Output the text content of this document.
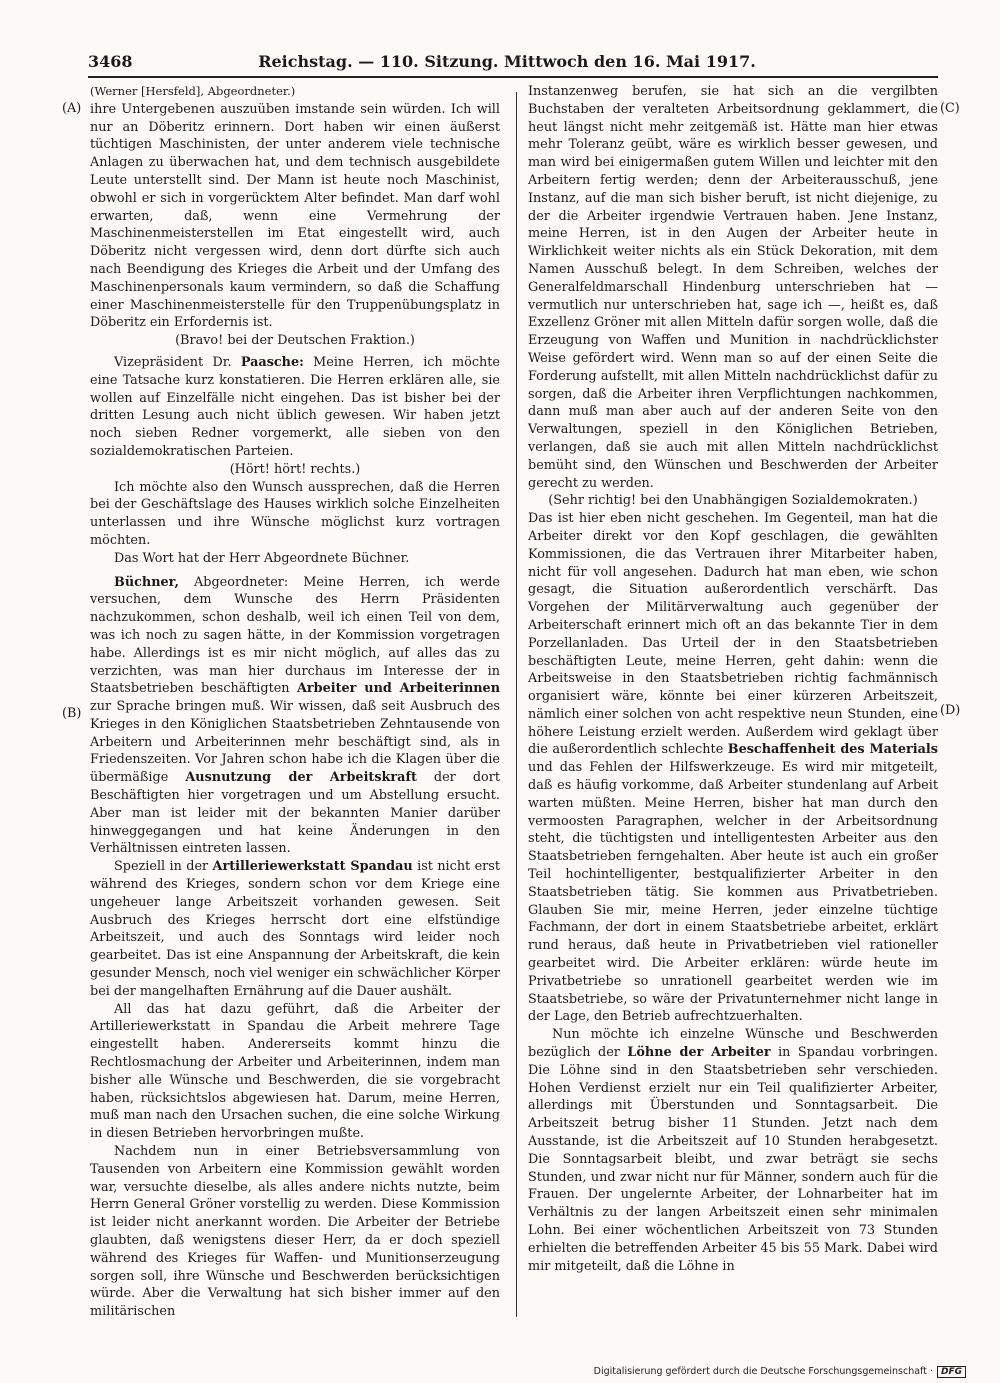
3468	Reichstag. — 110. Sitzung. Mittwoch den 16. Mai 1917.
(A)
(B)
(C)
(D)

(Werner [Hersfeld], Abgeordneter.)

ihre Untergebenen auszuüben imstande sein würden. Ich will nur an Döberitz erinnern. Dort haben wir einen äußerst tüchtigen Maschinisten, der unter anderem viele technische Anlagen zu überwachen hat, und dem technisch ausgebildete Leute unterstellt sind. Der Mann ist heute noch Maschinist, obwohl er sich in vorgerücktem Alter befindet. Man darf wohl erwarten, daß, wenn eine Vermehrung der Maschinenmeisterstellen im Etat eingestellt wird, auch Döberitz nicht vergessen wird, denn dort dürfte sich auch nach Beendigung des Krieges die Arbeit und der Umfang des Maschinenpersonals kaum vermindern, so daß die Schaffung einer Maschinenmeisterstelle für den Truppenübungsplatz in Döberitz ein Erfordernis ist.

(Bravo! bei der Deutschen Fraktion.)

Vizepräsident Dr. Paasche: Meine Herren, ich möchte eine Tatsache kurz konstatieren. Die Herren erklären alle, sie wollen auf Einzelfälle nicht eingehen. Das ist bisher bei der dritten Lesung auch nicht üblich gewesen. Wir haben jetzt noch sieben Redner vorgemerkt, alle sieben von den sozialdemokratischen Parteien.

(Hört! hört! rechts.)

Ich möchte also den Wunsch aussprechen, daß die Herren bei der Geschäftslage des Hauses wirklich solche Einzelheiten unterlassen und ihre Wünsche möglichst kurz vortragen möchten.

Das Wort hat der Herr Abgeordnete Büchner.

Büchner, Abgeordneter: Meine Herren, ich werde versuchen, dem Wunsche des Herrn Präsidenten nachzukommen, schon deshalb, weil ich einen Teil von dem, was ich noch zu sagen hätte, in der Kommission vorgetragen habe. Allerdings ist es mir nicht möglich, auf alles das zu verzichten, was man hier durchaus im Interesse der in Staatsbetrieben beschäftigten Arbeiter und Arbeiterinnen zur Sprache bringen muß. Wir wissen, daß seit Ausbruch des Krieges in den Königlichen Staatsbetrieben Zehntausende von Arbeitern und Arbeiterinnen mehr beschäftigt sind, als in Friedenszeiten. Vor Jahren schon habe ich die Klagen über die übermäßige Ausnutzung der Arbeitskraft der dort Beschäftigten hier vorgetragen und um Abstellung ersucht. Aber man ist leider mit der bekannten Manier darüber hinweggegangen und hat keine Änderungen in den Verhältnissen eintreten lassen.

Speziell in der Artilleriewerkstatt Spandau ist nicht erst während des Krieges, sondern schon vor dem Kriege eine ungeheuer lange Arbeitszeit vorhanden gewesen. Seit Ausbruch des Krieges herrscht dort eine elfstündige Arbeitszeit, und auch des Sonntags wird leider noch gearbeitet. Das ist eine Anspannung der Arbeitskraft, die kein gesunder Mensch, noch viel weniger ein schwächlicher Körper bei der mangelhaften Ernährung auf die Dauer aushält.

All das hat dazu geführt, daß die Arbeiter der Artilleriewerkstatt in Spandau die Arbeit mehrere Tage eingestellt haben. Andererseits kommt hinzu die Rechtlosmachung der Arbeiter und Arbeiterinnen, indem man bisher alle Wünsche und Beschwerden, die sie vorgebracht haben, rücksichtslos abgewiesen hat. Darum, meine Herren, muß man nach den Ursachen suchen, die eine solche Wirkung in diesen Betrieben hervorbringen mußte.

Nachdem nun in einer Betriebsversammlung von Tausenden von Arbeitern eine Kommission gewählt worden war, versuchte dieselbe, als alles andere nichts nutzte, beim Herrn General Gröner vorstellig zu werden. Diese Kommission ist leider nicht anerkannt worden. Die Arbeiter der Betriebe glaubten, daß wenigstens dieser Herr, da er doch speziell während des Krieges für Waffen- und Munitionserzeugung sorgen soll, ihre Wünsche und Beschwerden berücksichtigen würde. Aber die Verwaltung hat sich bisher immer auf den militärischen

Instanzenweg berufen, sie hat sich an die vergilbten Buchstaben der veralteten Arbeitsordnung geklammert, die heut längst nicht mehr zeitgemäß ist. Hätte man hier etwas mehr Toleranz geübt, wäre es wirklich besser gewesen, und man wird bei einigermaßen gutem Willen und leichter mit den Arbeitern fertig werden; denn der Arbeiterausschuß, jene Instanz, auf die man sich bisher beruft, ist nicht diejenige, zu der die Arbeiter irgendwie Vertrauen haben. Jene Instanz, meine Herren, ist in den Augen der Arbeiter heute in Wirklichkeit weiter nichts als ein Stück Dekoration, mit dem Namen Ausschuß belegt. In dem Schreiben, welches der Generalfeldmarschall Hindenburg unterschrieben hat — vermutlich nur unterschrieben hat, sage ich —, heißt es, daß Exzellenz Gröner mit allen Mitteln dafür sorgen wolle, daß die Erzeugung von Waffen und Munition in nachdrücklichster Weise gefördert wird. Wenn man so auf der einen Seite die Forderung aufstellt, mit allen Mitteln nachdrücklichst dafür zu sorgen, daß die Arbeiter ihren Verpflichtungen nachkommen, dann muß man aber auch auf der anderen Seite von den Verwaltungen, speziell in den Königlichen Betrieben, verlangen, daß sie auch mit allen Mitteln nachdrücklichst bemüht sind, den Wünschen und Beschwerden der Arbeiter gerecht zu werden.

(Sehr richtig! bei den Unabhängigen Sozialdemokraten.)

Das ist hier eben nicht geschehen. Im Gegenteil, man hat die Arbeiter direkt vor den Kopf geschlagen, die gewählten Kommissionen, die das Vertrauen ihrer Mitarbeiter haben, nicht für voll angesehen. Dadurch hat man eben, wie schon gesagt, die Situation außerordentlich verschärft. Das Vorgehen der Militärverwaltung auch gegenüber der Arbeiterschaft erinnert mich oft an das bekannte Tier in dem Porzellanladen. Das Urteil der in den Staatsbetrieben beschäftigten Leute, meine Herren, geht dahin: wenn die Arbeitsweise in den Staatsbetrieben richtig fachmännisch organisiert wäre, könnte bei einer kürzeren Arbeitszeit, nämlich einer solchen von acht respektive neun Stunden, eine höhere Leistung erzielt werden. Außerdem wird geklagt über die außerordentlich schlechte Beschaffenheit des Materials und das Fehlen der Hilfswerkzeuge. Es wird mir mitgeteilt, daß es häufig vorkomme, daß Arbeiter stundenlang auf Arbeit warten müßten. Meine Herren, bisher hat man durch den vermoosten Paragraphen, welcher in der Arbeitsordnung steht, die tüchtigsten und intelligentesten Arbeiter aus den Staatsbetrieben ferngehalten. Aber heute ist auch ein großer Teil hochintelligenter, bestqualifizierter Arbeiter in den Staatsbetrieben tätig. Sie kommen aus Privatbetrieben. Glauben Sie mir, meine Herren, jeder einzelne tüchtige Fachmann, der dort in einem Staatsbetriebe arbeitet, erklärt rund heraus, daß heute in Privatbetrieben viel rationeller gearbeitet wird. Die Arbeiter erklären: würde heute im Privatbetriebe so unrationell gearbeitet werden wie im Staatsbetriebe, so wäre der Privatunternehmer nicht lange in der Lage, den Betrieb aufrechtzuerhalten.

Nun möchte ich einzelne Wünsche und Beschwerden bezüglich der Löhne der Arbeiter in Spandau vorbringen. Die Löhne sind in den Staatsbetrieben sehr verschieden. Hohen Verdienst erzielt nur ein Teil qualifizierter Arbeiter, allerdings mit Überstunden und Sonntagsarbeit. Die Arbeitszeit betrug bisher 11 Stunden. Jetzt nach dem Ausstande, ist die Arbeitszeit auf 10 Stunden herabgesetzt. Die Sonntagsarbeit bleibt, und zwar beträgt sie sechs Stunden, und zwar nicht nur für Männer, sondern auch für die Frauen. Der ungelernte Arbeiter, der Lohnarbeiter hat im Verhältnis zu der langen Arbeitszeit einen sehr minimalen Lohn. Bei einer wöchentlichen Arbeitszeit von 73 Stunden erhielten die betreffenden Arbeiter 45 bis 55 Mark. Dabei wird mir mitgeteilt, daß die Löhne in

Digitalisierung gefördert durch die Deutsche Forschungsgemeinschaft · DFG
